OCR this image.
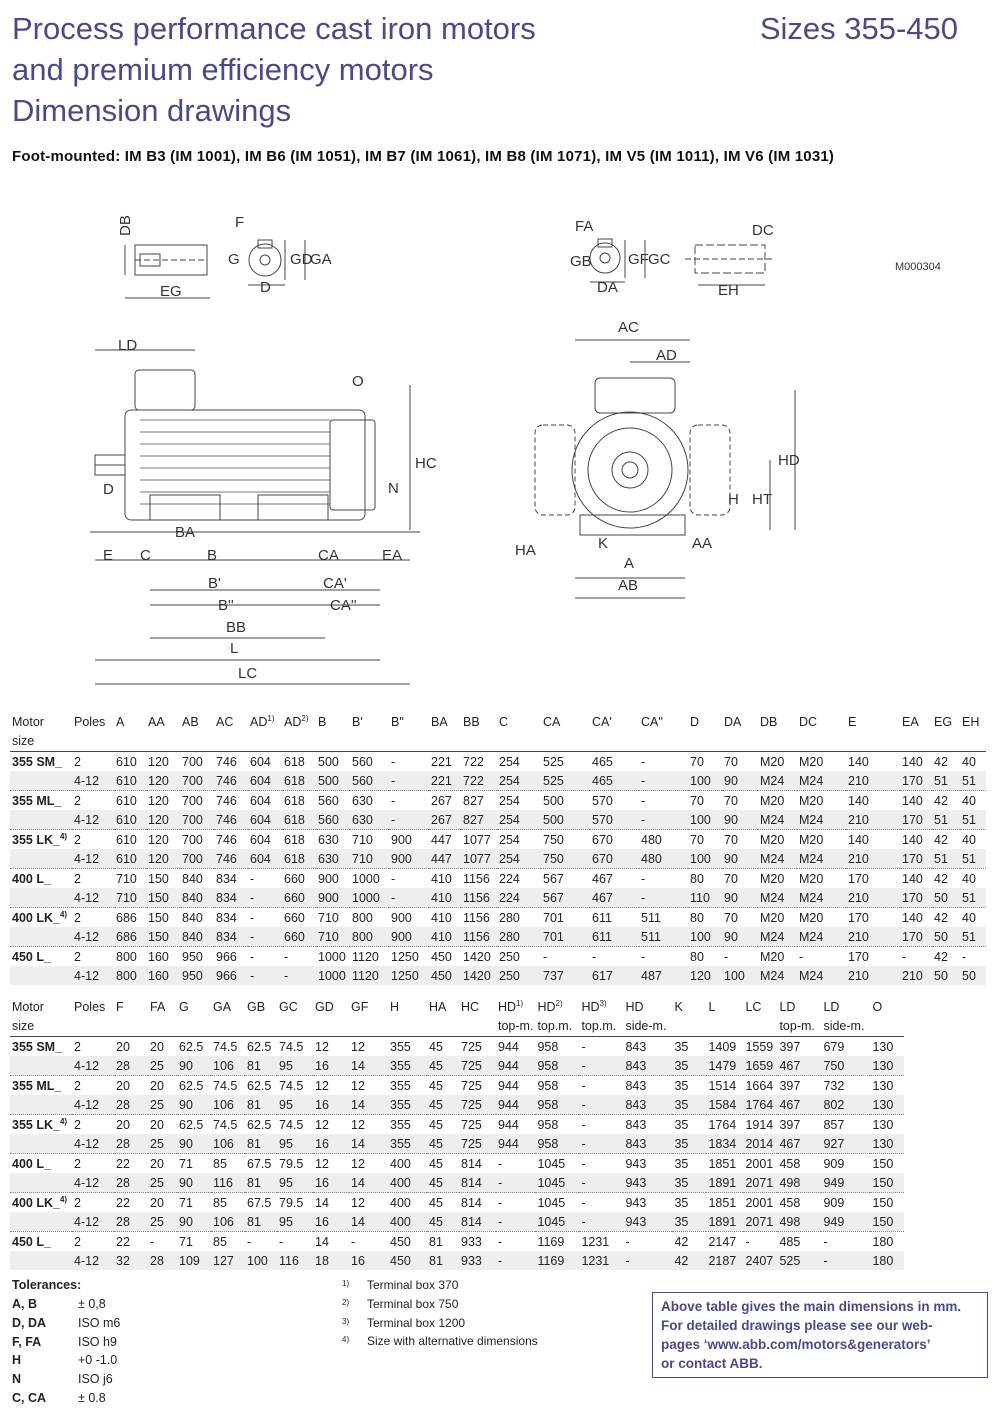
Process performance cast iron motors
and premium efficiency motors
Dimension drawings
Sizes 355-450
Foot-mounted: IM B3 (IM 1001), IM B6 (IM 1051), IM B7 (IM 1061), IM B8 (IM 1071), IM V5 (IM 1011), IM V6 (IM 1031)
DB
EG
F
G	GD
GA
D
FA
GB GF GC
DA
DC
EH
M000304
LD
O
HC
N
D
E C
BA
B	CA	EA
B'	CA'
B''	CA''
BB
L
LC
AC
AD
HD
H HT
HA	K
A
AA
AB
Motor	Poles	A	AA	AB	AC	AD$^{1)}$	AD$^{2)}$	B	B'	B"	BA	BB	C	CA	CA'	CA"	D	DA	DB	DC	E	EA	EG	EH
size																								
355 SM_	2	610	120	700	746	604	618	500	560	-	221	722	254	525	465	-	70	70	M20	M20	140	140	42	40
	4-12	610	120	700	746	604	618	500	560	-	221	722	254	525	465	-	100	90	M24	M24	210	170	51	51
355 ML_	2	610	120	700	746	604	618	560	630	-	267	827	254	500	570	-	70	70	M20	M20	140	140	42	40
	4-12	610	120	700	746	604	618	560	630	-	267	827	254	500	570	-	100	90	M24	M24	210	170	51	51
355 LK_$^{4)}$	2	610	120	700	746	604	618	630	710	900	447	1077	254	750	670	480	70	70	M20	M20	140	140	42	40
	4-12	610	120	700	746	604	618	630	710	900	447	1077	254	750	670	480	100	90	M24	M24	210	170	51	51
400 L_	2	710	150	840	834	-	660	900	1000	-	410	1156	224	567	467	-	80	70	M20	M20	170	140	42	40
	4-12	710	150	840	834	-	660	900	1000	-	410	1156	224	567	467	-	110	90	M24	M24	210	170	50	51
400 LK_$^{4)}$	2	686	150	840	834	-	660	710	800	900	410	1156	280	701	611	511	80	70	M20	M20	170	140	42	40
	4-12	686	150	840	834	-	660	710	800	900	410	1156	280	701	611	511	100	90	M24	M24	210	170	50	51
450 L_	2	800	160	950	966	-	-	1000	1120	1250	450	1420	250	-	-	-	80	-	M20	-	170	-	42	-
	4-12	800	160	950	966	-	-	1000	1120	1250	450	1420	250	737	617	487	120	100	M24	M24	210	210	50	50
Motor	Poles	F	FA	G	GA	GB	GC	GD	GF	H	HA	HC	HD$^{1)}$	HD$^{2)}$	HD$^{3)}$	HD	K	L	LC	LD	LD	O
size													top-m.	top.m.	top.m.	side-m.				top-m.	side-m.	
355 SM_	2	20	20	62.5	74.5	62.5	74.5	12	12	355	45	725	944	958	-	843	35	1409	1559	397	679	130
	4-12	28	25	90	106	81	95	16	14	355	45	725	944	958	-	843	35	1479	1659	467	750	130
355 ML_	2	20	20	62.5	74.5	62.5	74.5	12	12	355	45	725	944	958	-	843	35	1514	1664	397	732	130
	4-12	28	25	90	106	81	95	16	14	355	45	725	944	958	-	843	35	1584	1764	467	802	130
355 LK_$^{4)}$	2	20	20	62.5	74.5	62.5	74.5	12	12	355	45	725	944	958	-	843	35	1764	1914	397	857	130
	4-12	28	25	90	106	81	95	16	14	355	45	725	944	958	-	843	35	1834	2014	467	927	130
400 L_	2	22	20	71	85	67.5	79.5	12	12	400	45	814	-	1045	-	943	35	1851	2001	458	909	150
	4-12	28	25	90	116	81	95	16	14	400	45	814	-	1045	-	943	35	1891	2071	498	949	150
400 LK_$^{4)}$	2	22	20	71	85	67.5	79.5	14	12	400	45	814	-	1045	-	943	35	1851	2001	458	909	150
	4-12	28	25	90	106	81	95	16	14	400	45	814	-	1045	-	943	35	1891	2071	498	949	150
450 L_	2	22	-	71	85	-	-	14	-	450	81	933	-	1169	1231	-	42	2147	-	485	-	180
	4-12	32	28	109	127	100	116	18	16	450	81	933	-	1169	1231	-	42	2187	2407	525	-	180
Tolerances:
A, B	± 0,8
D, DA	ISO m6
F, FA	ISO h9
H	+0 -1.0
N	ISO j6
C, CA	± 0.8
1)	Terminal box 370
2)	Terminal box 750
3)	Terminal box 1200
4)	Size with alternative dimensions
Above table gives the main dimensions in mm.
For detailed drawings please see our web-
pages ‘www.abb.com/motors&generators’
or contact ABB.
